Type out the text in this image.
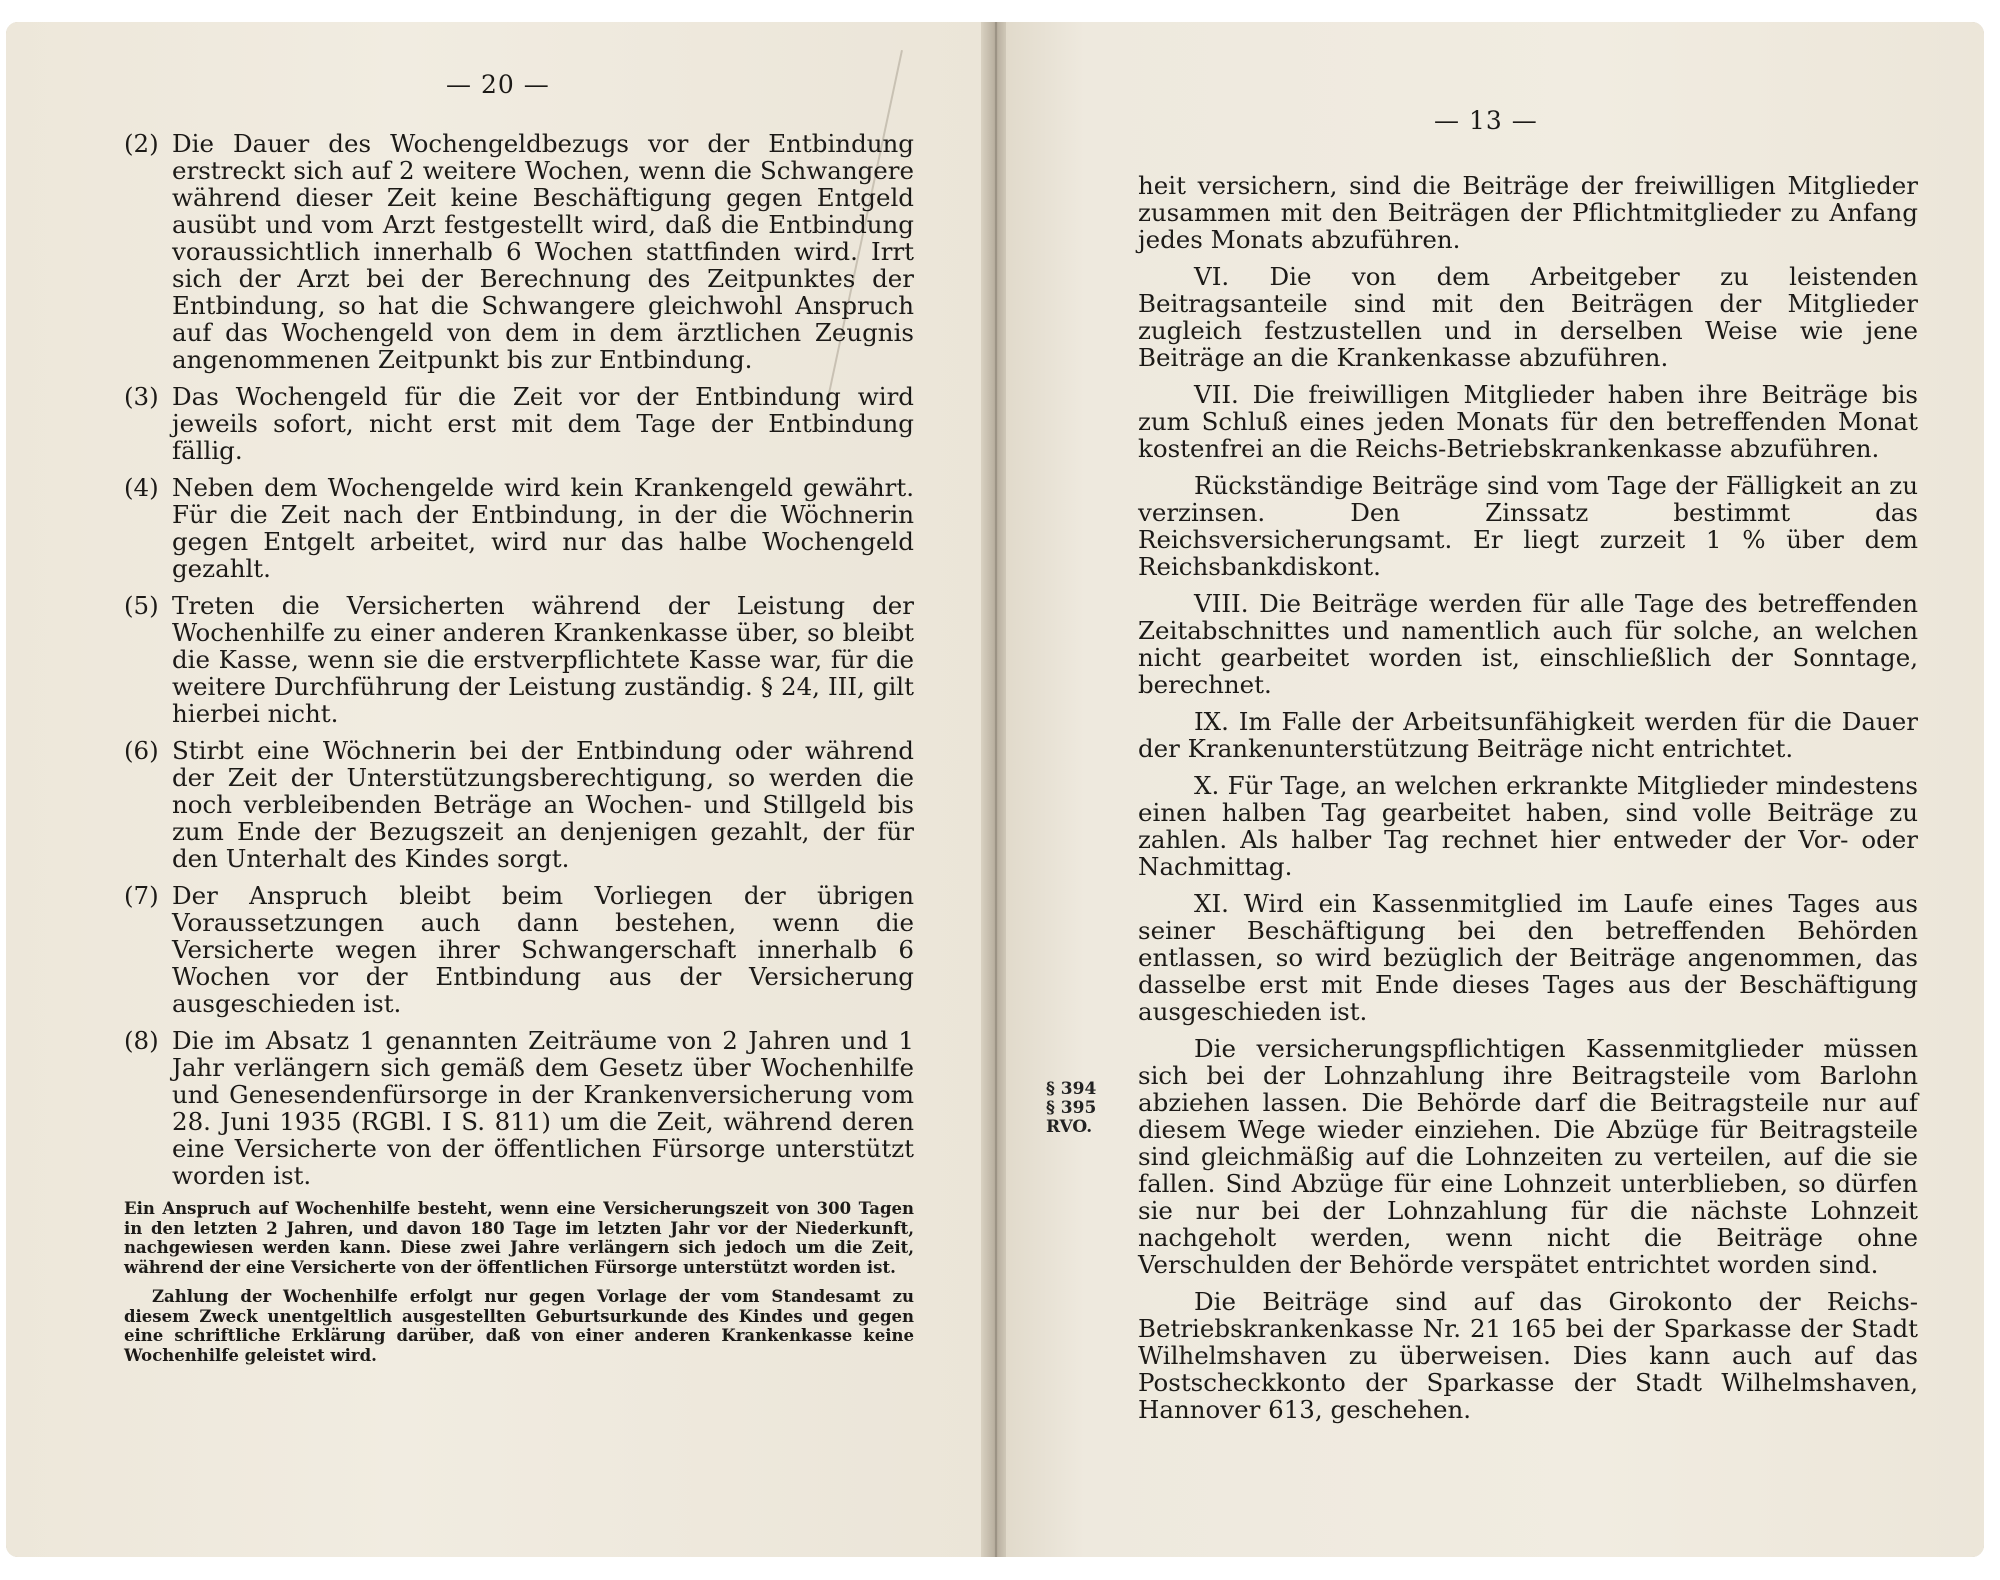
— 20 —

(2) Die Dauer des Wochengeldbezugs vor der Entbindung erstreckt sich auf 2 weitere Wochen, wenn die Schwangere während dieser Zeit keine Beschäftigung gegen Entgeld ausübt und vom Arzt festgestellt wird, daß die Entbindung voraussichtlich innerhalb 6 Wochen stattfinden wird. Irrt sich der Arzt bei der Berechnung des Zeitpunktes der Entbindung, so hat die Schwangere gleichwohl Anspruch auf das Wochengeld von dem in dem ärztlichen Zeugnis angenommenen Zeitpunkt bis zur Entbindung.

(3) Das Wochengeld für die Zeit vor der Entbindung wird jeweils sofort, nicht erst mit dem Tage der Entbindung fällig.

(4) Neben dem Wochengelde wird kein Krankengeld gewährt. Für die Zeit nach der Entbindung, in der die Wöchnerin gegen Entgelt arbeitet, wird nur das halbe Wochengeld gezahlt.

(5) Treten die Versicherten während der Leistung der Wochenhilfe zu einer anderen Krankenkasse über, so bleibt die Kasse, wenn sie die erstverpflichtete Kasse war, für die weitere Durchführung der Leistung zuständig. § 24, III, gilt hierbei nicht.

(6) Stirbt eine Wöchnerin bei der Entbindung oder während der Zeit der Unterstützungsberechtigung, so werden die noch verbleibenden Beträge an Wochen- und Stillgeld bis zum Ende der Bezugszeit an denjenigen gezahlt, der für den Unterhalt des Kindes sorgt.

(7) Der Anspruch bleibt beim Vorliegen der übrigen Voraussetzungen auch dann bestehen, wenn die Versicherte wegen ihrer Schwangerschaft innerhalb 6 Wochen vor der Entbindung aus der Versicherung ausgeschieden ist.

(8) Die im Absatz 1 genannten Zeiträume von 2 Jahren und 1 Jahr verlängern sich gemäß dem Gesetz über Wochenhilfe und Genesendenfürsorge in der Krankenversicherung vom 28. Juni 1935 (RGBl. I S. 811) um die Zeit, während deren eine Versicherte von der öffentlichen Fürsorge unterstützt worden ist.

Ein Anspruch auf Wochenhilfe besteht, wenn eine Versicherungszeit von 300 Tagen in den letzten 2 Jahren, und davon 180 Tage im letzten Jahr vor der Niederkunft, nachgewiesen werden kann. Diese zwei Jahre verlängern sich jedoch um die Zeit, während der eine Versicherte von der öffentlichen Fürsorge unterstützt worden ist.

Zahlung der Wochenhilfe erfolgt nur gegen Vorlage der vom Standesamt zu diesem Zweck unentgeltlich ausgestellten Geburtsurkunde des Kindes und gegen eine schriftliche Erklärung darüber, daß von einer anderen Krankenkasse keine Wochenhilfe geleistet wird.

— 13 —
§ 394
§ 395
RVO.

heit versichern, sind die Beiträge der freiwilligen Mitglieder zusammen mit den Beiträgen der Pflichtmitglieder zu Anfang jedes Monats abzuführen.

VI. Die von dem Arbeitgeber zu leistenden Beitragsanteile sind mit den Beiträgen der Mitglieder zugleich festzustellen und in derselben Weise wie jene Beiträge an die Krankenkasse abzuführen.

VII. Die freiwilligen Mitglieder haben ihre Beiträge bis zum Schluß eines jeden Monats für den betreffenden Monat kostenfrei an die Reichs-Betriebskrankenkasse abzuführen.

Rückständige Beiträge sind vom Tage der Fälligkeit an zu verzinsen. Den Zinssatz bestimmt das Reichsversicherungsamt. Er liegt zurzeit 1 % über dem Reichsbankdiskont.

VIII. Die Beiträge werden für alle Tage des betreffenden Zeitabschnittes und namentlich auch für solche, an welchen nicht gearbeitet worden ist, einschließlich der Sonntage, berechnet.

IX. Im Falle der Arbeitsunfähigkeit werden für die Dauer der Krankenunterstützung Beiträge nicht entrichtet.

X. Für Tage, an welchen erkrankte Mitglieder mindestens einen halben Tag gearbeitet haben, sind volle Beiträge zu zahlen. Als halber Tag rechnet hier entweder der Vor- oder Nachmittag.

XI. Wird ein Kassenmitglied im Laufe eines Tages aus seiner Beschäftigung bei den betreffenden Behörden entlassen, so wird bezüglich der Beiträge angenommen, das dasselbe erst mit Ende dieses Tages aus der Beschäftigung ausgeschieden ist.

Die versicherungspflichtigen Kassenmitglieder müssen sich bei der Lohnzahlung ihre Beitragsteile vom Barlohn abziehen lassen. Die Behörde darf die Beitragsteile nur auf diesem Wege wieder einziehen. Die Abzüge für Beitragsteile sind gleichmäßig auf die Lohnzeiten zu verteilen, auf die sie fallen. Sind Abzüge für eine Lohnzeit unterblieben, so dürfen sie nur bei der Lohnzahlung für die nächste Lohnzeit nachgeholt werden, wenn nicht die Beiträge ohne Verschulden der Behörde verspätet entrichtet worden sind.

Die Beiträge sind auf das Girokonto der Reichs-Betriebskrankenkasse Nr. 21 165 bei der Sparkasse der Stadt Wilhelmshaven zu überweisen. Dies kann auch auf das Postscheckkonto der Sparkasse der Stadt Wilhelmshaven, Hannover 613, geschehen.
